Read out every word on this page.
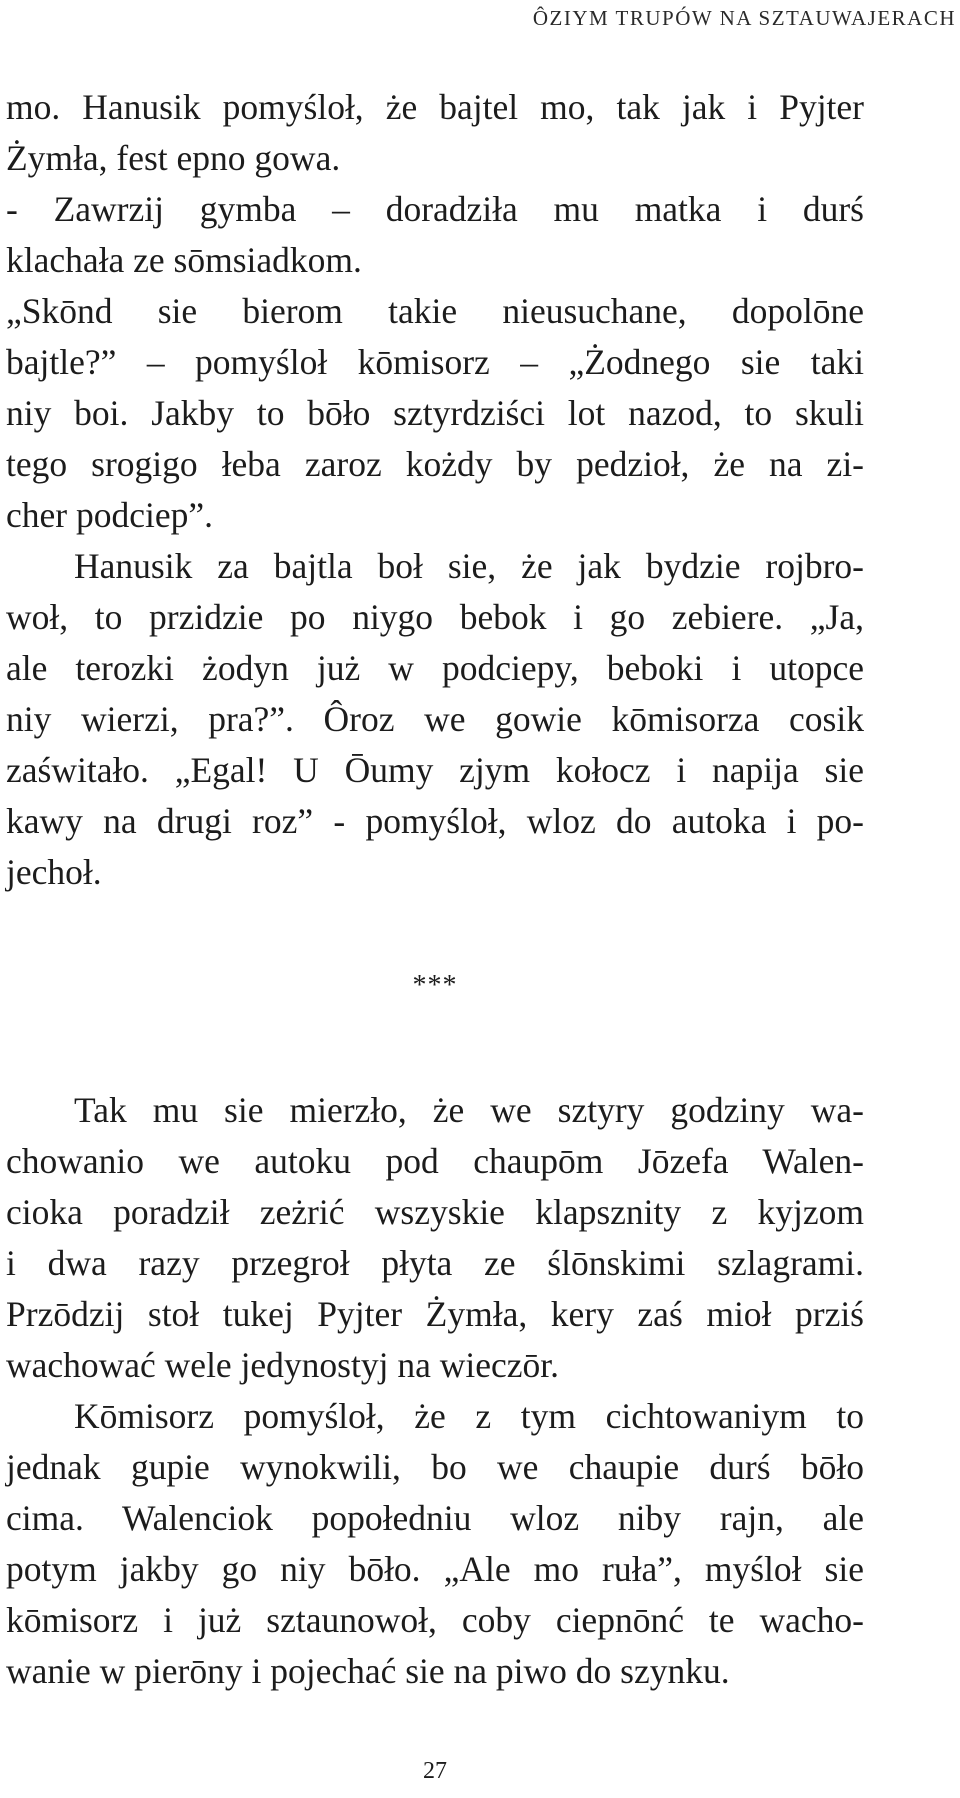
ÔZIYM TRUPÓW NA SZTAUWAJERACH
mo. Hanusik pomyśloł, że bajtel mo, tak jak i Pyjter
Żymła, fest epno gowa.
- Zawrzij gymba – doradziła mu matka i durś
klachała ze sōmsiadkom.
„Skōnd sie bierom takie nieusuchane, dopolōne
bajtle?” – pomyśloł kōmisorz – „Żodnego sie taki
niy boi. Jakby to bōło sztyrdziści lot nazod, to skuli
tego srogigo łeba zaroz kożdy by pedzioł, że na zi-
cher podciep”.
Hanusik za bajtla boł sie, że jak bydzie rojbro-
woł, to przidzie po niygo bebok i go zebiere. „Ja,
ale terozki żodyn już w podciepy, beboki i utopce
niy wierzi, pra?”. Ôroz we gowie kōmisorza cosik
zaświtało. „Egal! U Ōumy zjym kołocz i napija sie
kawy na drugi roz” - pomyśloł, wloz do autoka i po-
jechoł.
***
Tak mu sie mierzło, że we sztyry godziny wa-
chowanio we autoku pod chaupōm Jōzefa Walen-
cioka poradził zeżrić wszyskie klapsznity z kyjzom
i dwa razy przegroł płyta ze ślōnskimi szlagrami.
Przōdzij stoł tukej Pyjter Żymła, kery zaś mioł prziś
wachować wele jedynostyj na wieczōr.
Kōmisorz pomyśloł, że z tym cichtowaniym to
jednak gupie wynokwili, bo we chaupie durś bōło
cima. Walenciok popołedniu wloz niby rajn, ale
potym jakby go niy bōło. „Ale mo ruła”, myśloł sie
kōmisorz i już sztaunowoł, coby ciepnōnć te wacho-
wanie w pierōny i pojechać sie na piwo do szynku.
27
